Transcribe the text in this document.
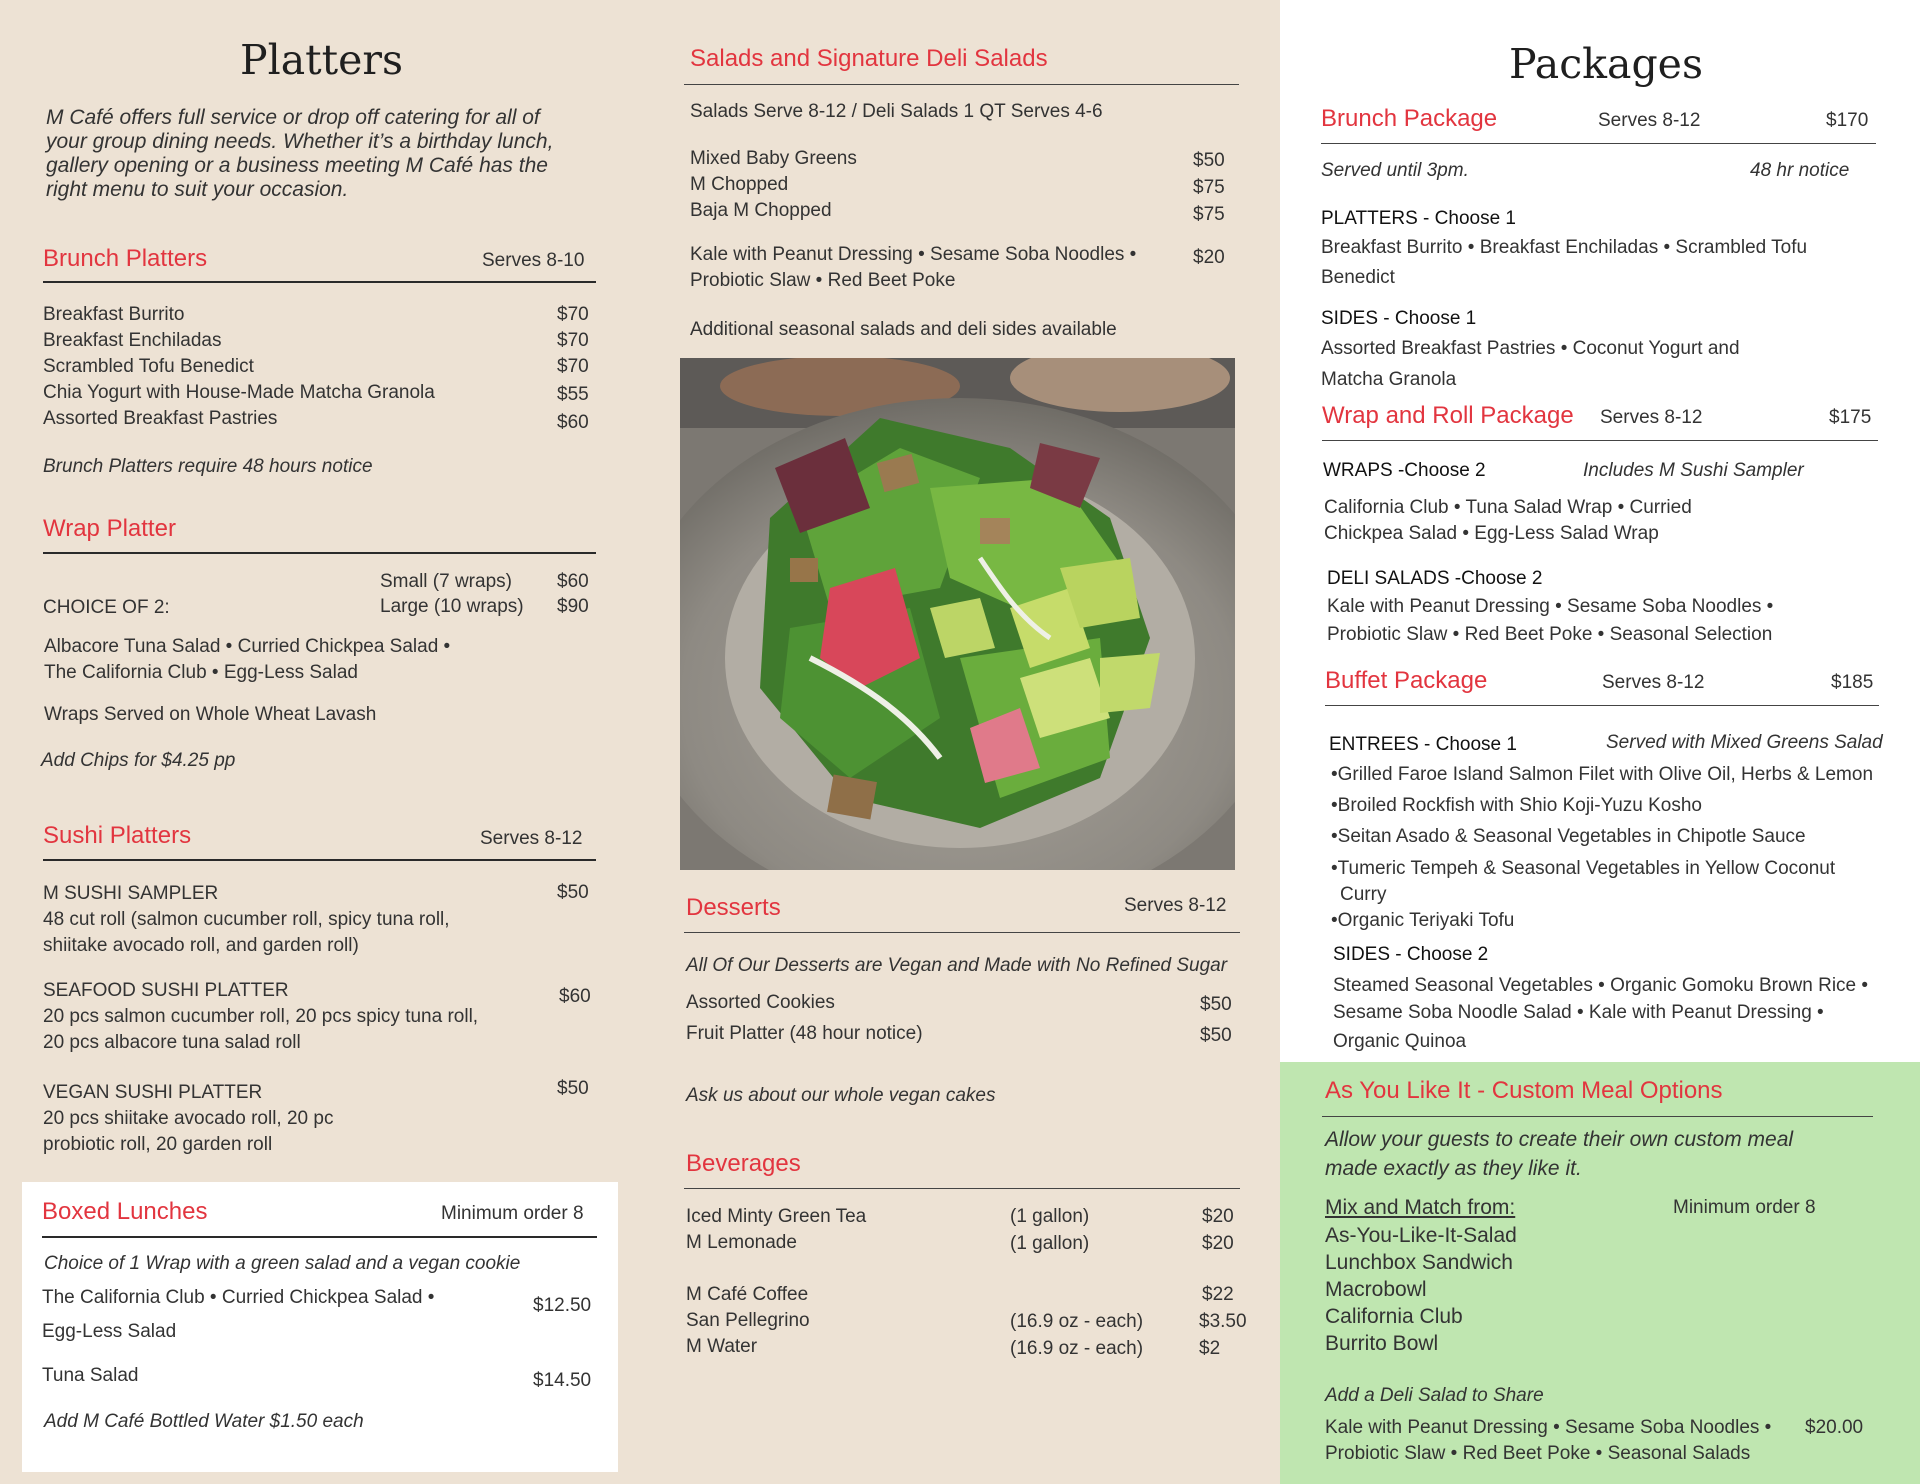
Platters
M Café offers full service or drop off catering for all of your group dining needs. Whether it’s a birthday lunch, gallery opening or a business meeting M Café has the right menu to suit your occasion.
Brunch Platters	Serves 8-10
Breakfast Burrito	$70
Breakfast Enchiladas	$70
Scrambled Tofu Benedict	$70
Chia Yogurt with House-Made Matcha Granola	$55
Assorted Breakfast Pastries	$60
Brunch Platters require 48 hours notice
Wrap Platter
Small (7 wraps) $60
CHOICE OF 2:	Large (10 wraps) $90
Albacore Tuna Salad • Curried Chickpea Salad •
The California Club • Egg-Less Salad
Wraps Served on Whole Wheat Lavash
Add Chips for $4.25 pp
Sushi Platters	Serves 8-12
M SUSHI SAMPLER	$50
48 cut roll (salmon cucumber roll, spicy tuna roll,
shiitake avocado roll, and garden roll)
SEAFOOD SUSHI PLATTER	$60
20 pcs salmon cucumber roll, 20 pcs spicy tuna roll,
20 pcs albacore tuna salad roll
VEGAN SUSHI PLATTER	$50
20 pcs shiitake avocado roll, 20 pc
probiotic roll, 20 garden roll
Boxed Lunches	Minimum order 8
Choice of 1 Wrap with a green salad and a vegan cookie
The California Club • Curried Chickpea Salad •	$12.50
Egg-Less Salad
Tuna Salad	$14.50
Add M Café Bottled Water $1.50 each
Salads and Signature Deli Salads
Salads Serve 8-12 / Deli Salads 1 QT Serves 4-6
Mixed Baby Greens	$50
M Chopped	$75
Baja M Chopped	$75
Kale with Peanut Dressing • Sesame Soba Noodles •	$20
Probiotic Slaw • Red Beet Poke
Additional seasonal salads and deli sides available
Desserts	Serves 8-12
All Of Our Desserts are Vegan and Made with No Refined Sugar
Assorted Cookies	$50
Fruit Platter (48 hour notice)	$50
Ask us about our whole vegan cakes
Beverages
Iced Minty Green Tea	(1 gallon)	$20
M Lemonade	(1 gallon)	$20
M Café Coffee	$22
San Pellegrino	(16.9 oz - each)	$3.50
M Water	(16.9 oz - each)	$2
Packages
Brunch Package	Serves 8-12	$170
Served until 3pm.	48 hr notice
PLATTERS - Choose 1
Breakfast Burrito • Breakfast Enchiladas • Scrambled Tofu
Benedict
SIDES - Choose 1
Assorted Breakfast Pastries • Coconut Yogurt and
Matcha Granola
Wrap and Roll Package Serves 8-12	$175
WRAPS -Choose 2	Includes M Sushi Sampler
California Club • Tuna Salad Wrap • Curried
Chickpea Salad • Egg-Less Salad Wrap
DELI SALADS -Choose 2
Kale with Peanut Dressing • Sesame Soba Noodles •
Probiotic Slaw • Red Beet Poke • Seasonal Selection
Buffet Package	Serves 8-12	$185
ENTREES - Choose 1	Served with Mixed Greens Salad
•Grilled Faroe Island Salmon Filet with Olive Oil, Herbs & Lemon
•Broiled Rockfish with Shio Koji-Yuzu Kosho
•Seitan Asado & Seasonal Vegetables in Chipotle Sauce
•Tumeric Tempeh & Seasonal Vegetables in Yellow Coconut
Curry
•Organic Teriyaki Tofu
SIDES - Choose 2
Steamed Seasonal Vegetables • Organic Gomoku Brown Rice •
Sesame Soba Noodle Salad • Kale with Peanut Dressing •
Organic Quinoa
As You Like It - Custom Meal Options
Allow your guests to create their own custom meal
made exactly as they like it.
Mix and Match from:	Minimum order 8
As-You-Like-It-Salad
Lunchbox Sandwich
Macrobowl
California Club
Burrito Bowl
Add a Deli Salad to Share
Kale with Peanut Dressing • Sesame Soba Noodles • $20.00
Probiotic Slaw • Red Beet Poke • Seasonal Salads
